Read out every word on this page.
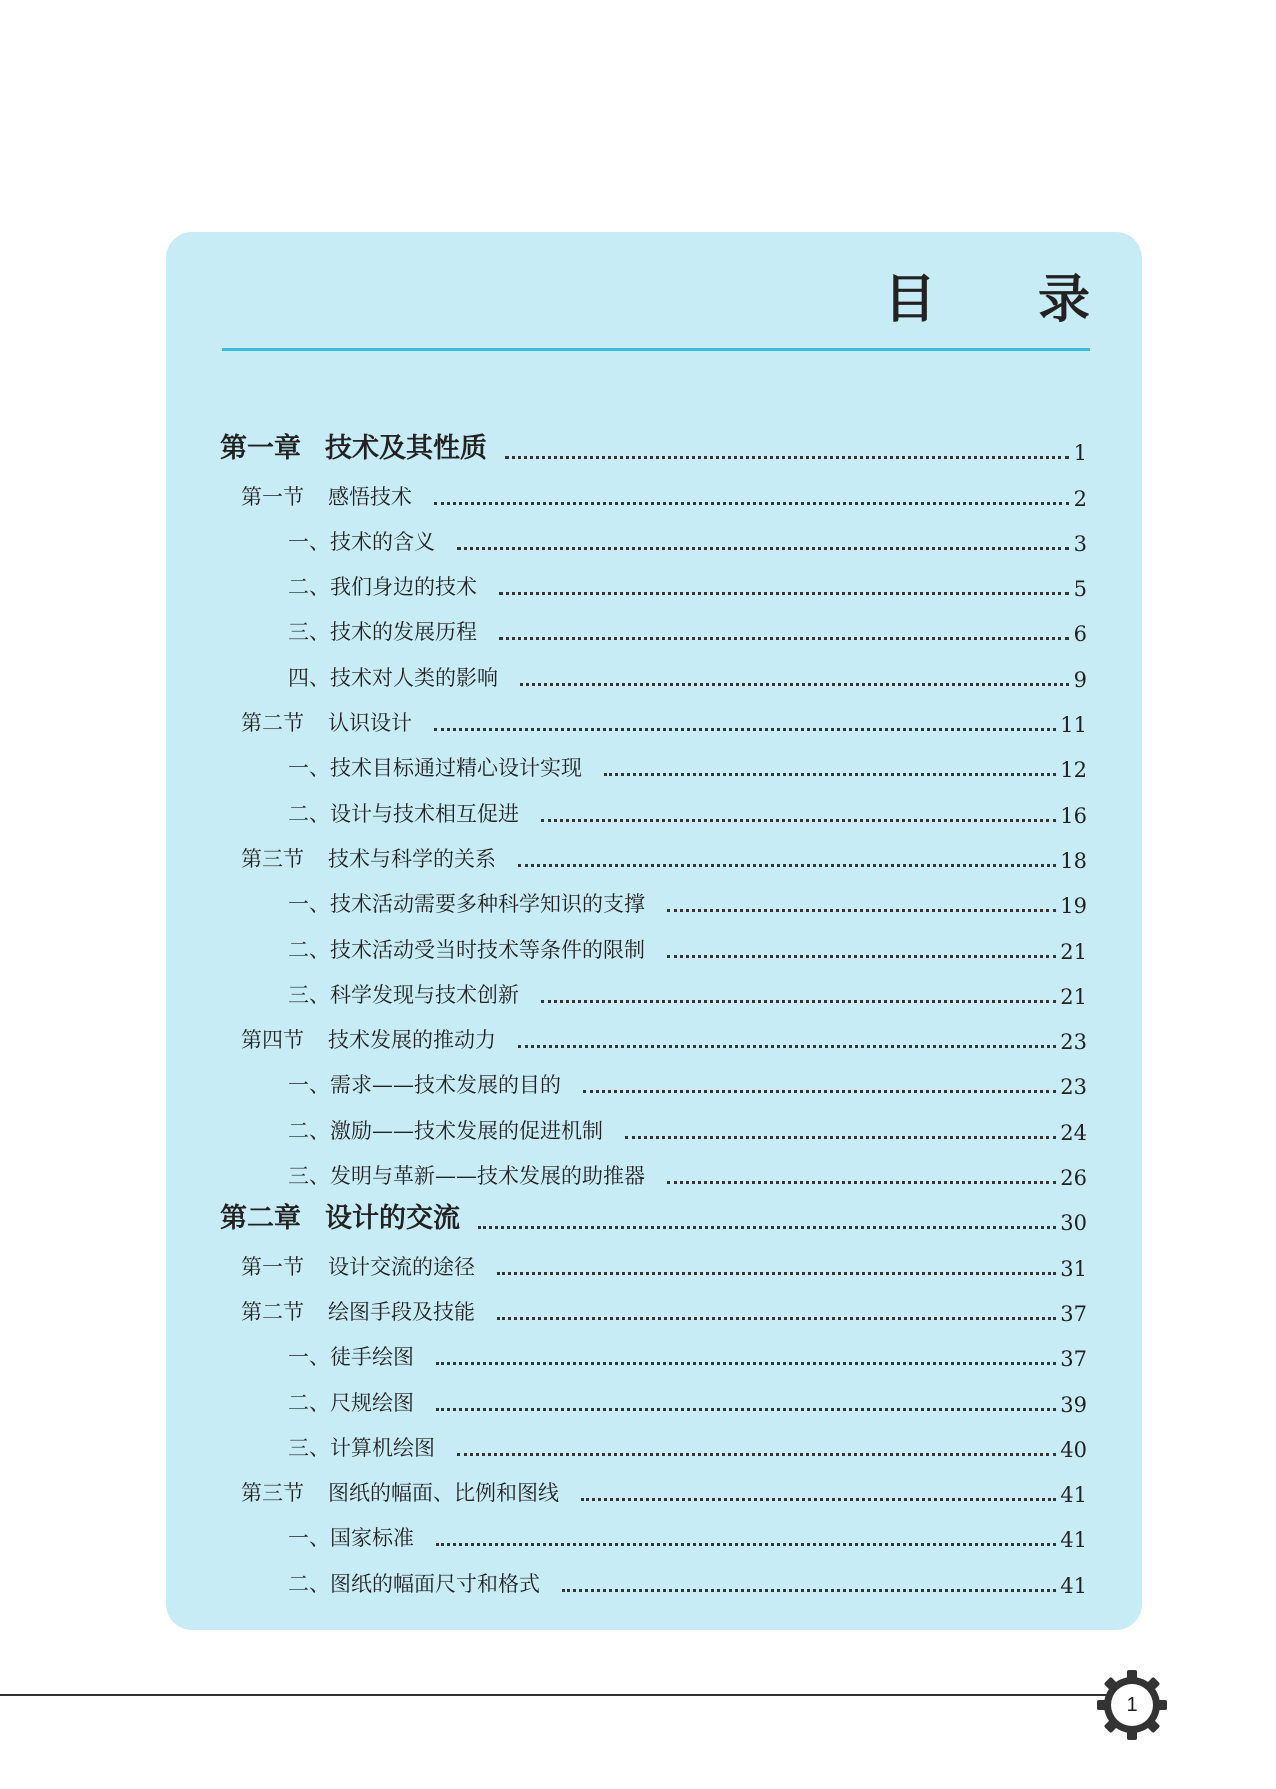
目 录
第一章 技术及其性质	1
第一节 感悟技术	2
一、技术的含义	3
二、我们身边的技术	5
三、技术的发展历程	6
四、技术对人类的影响	9
第二节 认识设计	11
一、技术目标通过精心设计实现	12
二、设计与技术相互促进	16
第三节 技术与科学的关系	18
一、技术活动需要多种科学知识的支撑	19
二、技术活动受当时技术等条件的限制	21
三、科学发现与技术创新	21
第四节 技术发展的推动力	23
一、需求——技术发展的目的	23
二、激励——技术发展的促进机制	24
三、发明与革新——技术发展的助推器	26
第二章 设计的交流	30
第一节 设计交流的途径	31
第二节 绘图手段及技能	37
一、徒手绘图	37
二、尺规绘图	39
三、计算机绘图	40
第三节 图纸的幅面、比例和图线	41
一、国家标准	41
二、图纸的幅面尺寸和格式	41
1
